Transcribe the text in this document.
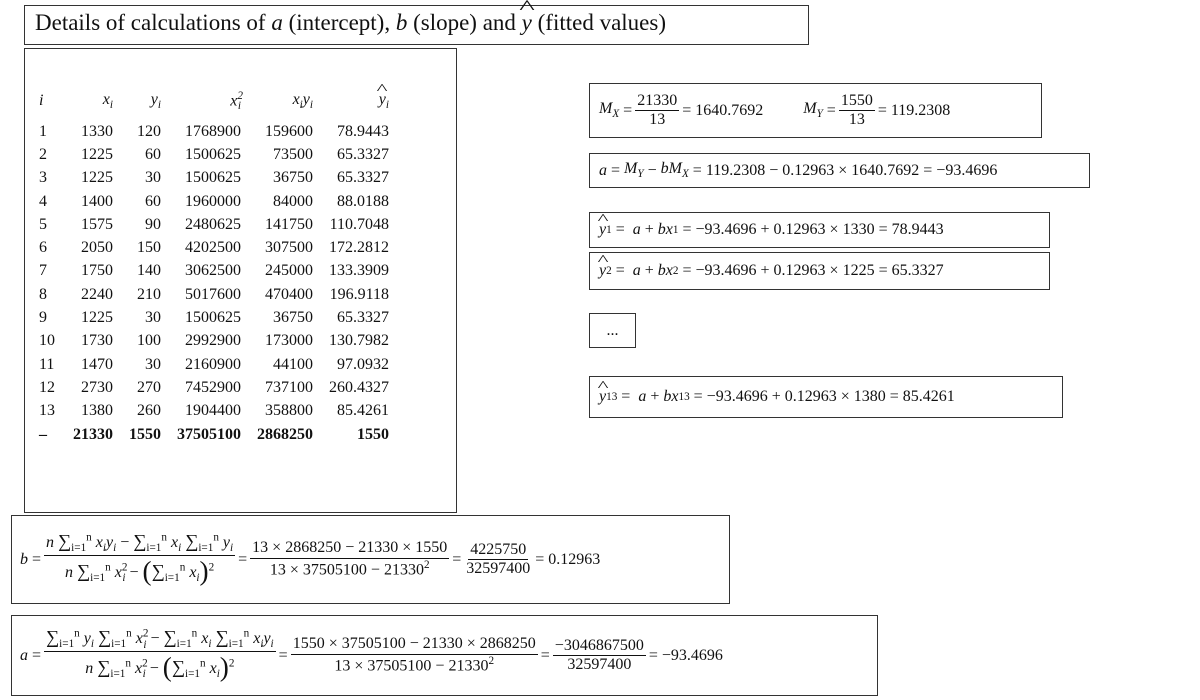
Details of calculations of a (intercept), b (slope) and ^ y (fitted values)
i	$x_i$	$y_i$	$x^2_i$	$x_iy_i$	^ $y_i$
1	1330	120	1768900	159600	78.9443
2	1225	60	1500625	73500	65.3327
3	1225	30	1500625	36750	65.3327
4	1400	60	1960000	84000	88.0188
5	1575	90	2480625	141750	110.7048
6	2050	150	4202500	307500	172.2812
7	1750	140	3062500	245000	133.3909
8	2240	210	5017600	470400	196.9118
9	1225	30	1500625	36750	65.3327
10	1730	100	2992900	173000	130.7982
11	1470	30	2160900	44100	97.0932
12	2730	270	7452900	737100	260.4327
13	1380	260	1904400	358800	85.4261
–	21330	1550	37505100	2868250	1550
$M_X = \frac{21330}{13} = 1640.7692$	$M_Y = \frac{1550}{13} = 119.2308$
$a = M_Y - bM_X$
= 119.2308 − 0.12963 × 1640.7692 = −93.4696
^ y 1 = a + bx 1
= −93.4696 + 0.12963 × 1330 = 78.9443
^ y 2 = a + bx 2
= −93.4696 + 0.12963 × 1225 = 65.3327
...
^ y 13 = a + bx 13
= −93.4696 + 0.12963 × 1380 = 85.4261
$b = \frac{n \sum_{i=1}^n x_iy_i - \sum_{i=1}^n x_i \sum_{i=1}^n y_i}{n \sum_{i=1}^n x^2_i - (\sum_{i=1}^n x_i)^2} = \frac{13 \times 2868250 - 21330 \times 1550}{13 \times 37505100 - 21330^2} = \frac{4225750}{32597400} = 0.12963$
$a = \frac{\sum_{i=1}^n y_i \sum_{i=1}^n x^2_i - \sum_{i=1}^n x_i \sum_{i=1}^n x_iy_i}{n \sum_{i=1}^n x^2_i - (\sum_{i=1}^n x_i)^2} = \frac{1550 \times 37505100 - 21330 \times 2868250}{13 \times 37505100 - 21330^2} = \frac{-3046867500}{32597400} = -93.4696$
